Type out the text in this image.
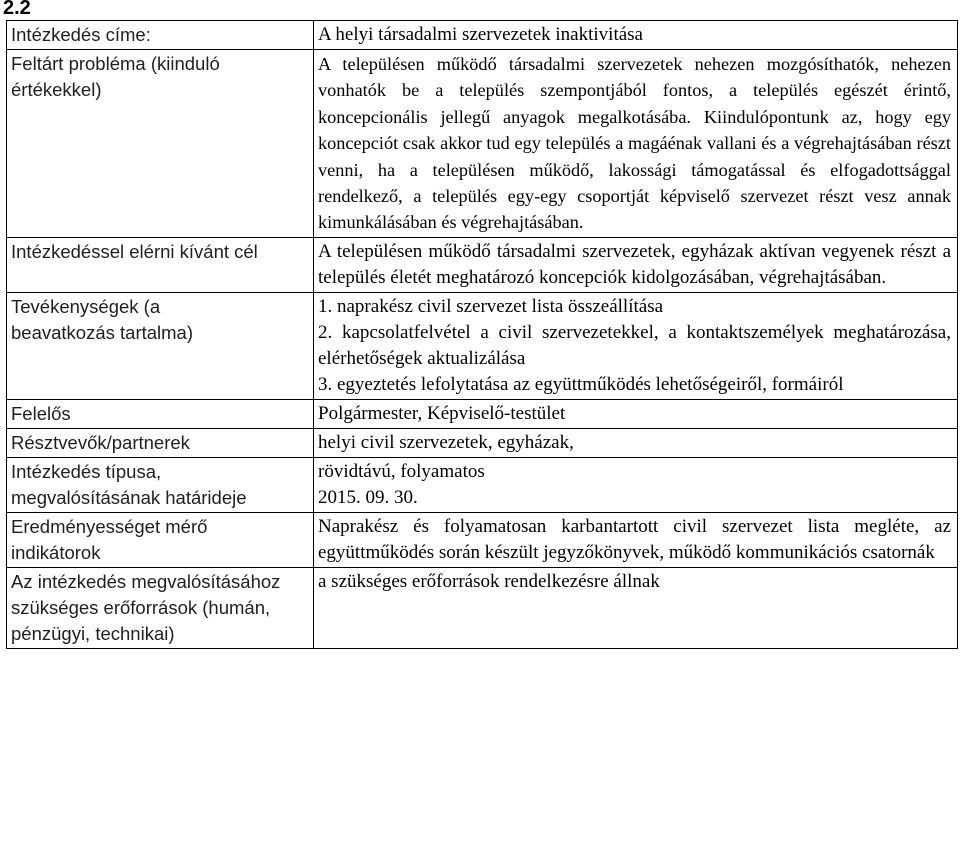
2.2
Intézkedés címe:	A helyi társadalmi szervezetek inaktivitása
Feltárt probléma (kiinduló értékekkel)	A településen működő társadalmi szervezetek nehezen mozgósíthatók, nehezen vonhatók be a település szempontjából fontos, a település egészét érintő, koncepcionális jellegű anyagok megalkotásába. Kiindulópontunk az, hogy egy koncepciót csak akkor tud egy település a magáénak vallani és a végrehajtásában részt venni, ha a településen működő, lakossági támogatással és elfogadottsággal rendelkező, a település egy-egy csoportját képviselő szervezet részt vesz annak kimunkálásában és végrehajtásában.
Intézkedéssel elérni kívánt cél	A településen működő társadalmi szervezetek, egyházak aktívan vegyenek részt a település életét meghatározó koncepciók kidolgozásában, végrehajtásában.
Tevékenységek (a beavatkozás tartalma)	1. naprakész civil szervezet lista összeállítása
2. kapcsolatfelvétel a civil szervezetekkel, a kontaktszemélyek meghatározása, elérhetőségek aktualizálása
3. egyeztetés lefolytatása az együttműködés lehetőségeiről, formáiról

Felelős	Polgármester, Képviselő-testület
Résztvevők/partnerek	helyi civil szervezetek, egyházak,
Intézkedés típusa, megvalósításának határideje	rövidtávú, folyamatos
2015. 09. 30.

Eredményességet mérő indikátorok	Naprakész és folyamatosan karbantartott civil szervezet lista megléte, az együttműködés során készült jegyzőkönyvek, működő kommunikációs csatornák
Az intézkedés megvalósításához szükséges erőforrások (humán, pénzügyi, technikai)	a szükséges erőforrások rendelkezésre állnak
